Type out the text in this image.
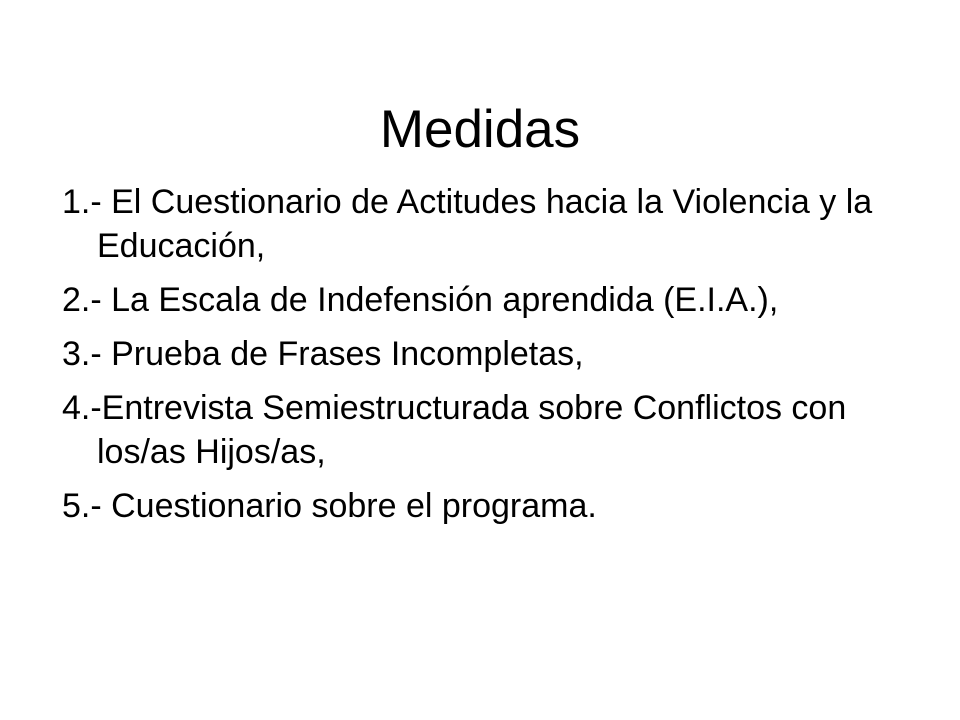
Medidas
1.- El Cuestionario de Actitudes hacia la Violencia y la Educación,
2.- La Escala de Indefensión aprendida (E.I.A.),
3.- Prueba de Frases Incompletas,
4.-Entrevista Semiestructurada sobre Conflictos con los/as Hijos/as,
5.- Cuestionario sobre el programa.
